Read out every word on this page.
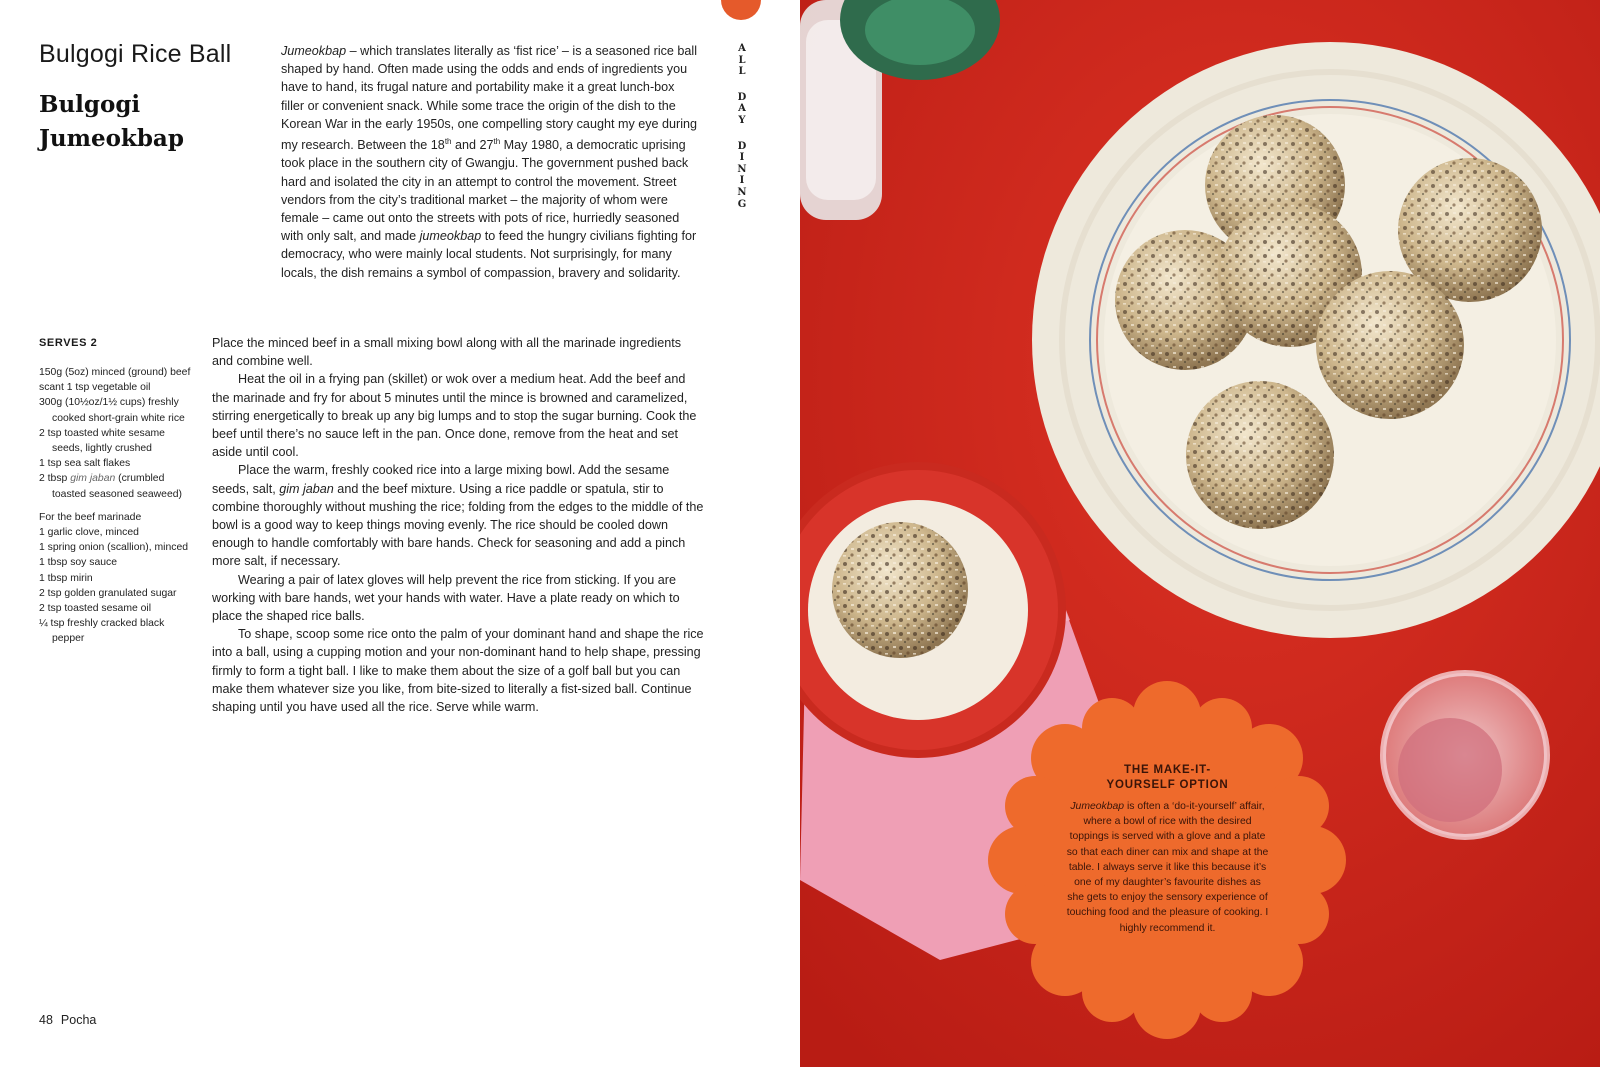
Bulgogi Rice Ball
Bulgogi Jumeokbap
Jumeokbap – which translates literally as ‘fist rice’ – is a seasoned rice ball shaped by hand. Often made using the odds and ends of ingredients you have to hand, its frugal nature and portability make it a great lunch-box filler or convenient snack. While some trace the origin of the dish to the Korean War in the early 1950s, one compelling story caught my eye during my research. Between the 18th and 27th May 1980, a democratic uprising took place in the southern city of Gwangju. The government pushed back hard and isolated the city in an attempt to control the movement. Street vendors from the city’s traditional market – the majority of whom were female – came out onto the streets with pots of rice, hurriedly seasoned with only salt, and made jumeokbap to feed the hungry civilians fighting for democracy, who were mainly local students. Not surprisingly, for many locals, the dish remains a symbol of compassion, bravery and solidarity.
A
L
L
D
A
Y
D
I
N
I
N
G
SERVES 2
150g (5oz) minced (ground) beef
scant 1 tsp vegetable oil
300g (10½oz/1½ cups) freshly cooked short-grain white rice
2 tsp toasted white sesame seeds, lightly crushed
1 tsp sea salt flakes
2 tbsp gim jaban (crumbled toasted seasoned seaweed)
For the beef marinade
1 garlic clove, minced
1 spring onion (scallion), minced
1 tbsp soy sauce
1 tbsp mirin
2 tsp golden granulated sugar
2 tsp toasted sesame oil
¼ tsp freshly cracked black pepper

Place the minced beef in a small mixing bowl along with all the marinade ingredients and combine well.

Heat the oil in a frying pan (skillet) or wok over a medium heat. Add the beef and the marinade and fry for about 5 minutes until the mince is browned and caramelized, stirring energetically to break up any big lumps and to stop the sugar burning. Cook the beef until there’s no sauce left in the pan. Once done, remove from the heat and set aside until cool.

Place the warm, freshly cooked rice into a large mixing bowl. Add the sesame seeds, salt, gim jaban and the beef mixture. Using a rice paddle or spatula, stir to combine thoroughly without mushing the rice; folding from the edges to the middle of the bowl is a good way to keep things moving evenly. The rice should be cooled down enough to handle comfortably with bare hands. Check for seasoning and add a pinch more salt, if necessary.

Wearing a pair of latex gloves will help prevent the rice from sticking. If you are working with bare hands, wet your hands with water. Have a plate ready on which to place the shaped rice balls.

To shape, scoop some rice onto the palm of your dominant hand and shape the rice into a ball, using a cupping motion and your non-dominant hand to help shape, pressing firmly to form a tight ball. I like to make them about the size of a golf ball but you can make them whatever size you like, from bite-sized to literally a fist-sized ball. Continue shaping until you have used all the rice. Serve while warm.

48 Pocha
THE MAKE-IT-
YOURSELF OPTION
Jumeokbap is often a ‘do-it-yourself’ affair, where a bowl of rice with the desired toppings is served with a glove and a plate so that each diner can mix and shape at the table. I always serve it like this because it’s one of my daughter’s favourite dishes as she gets to enjoy the sensory experience of touching food and the pleasure of cooking. I highly recommend it.
